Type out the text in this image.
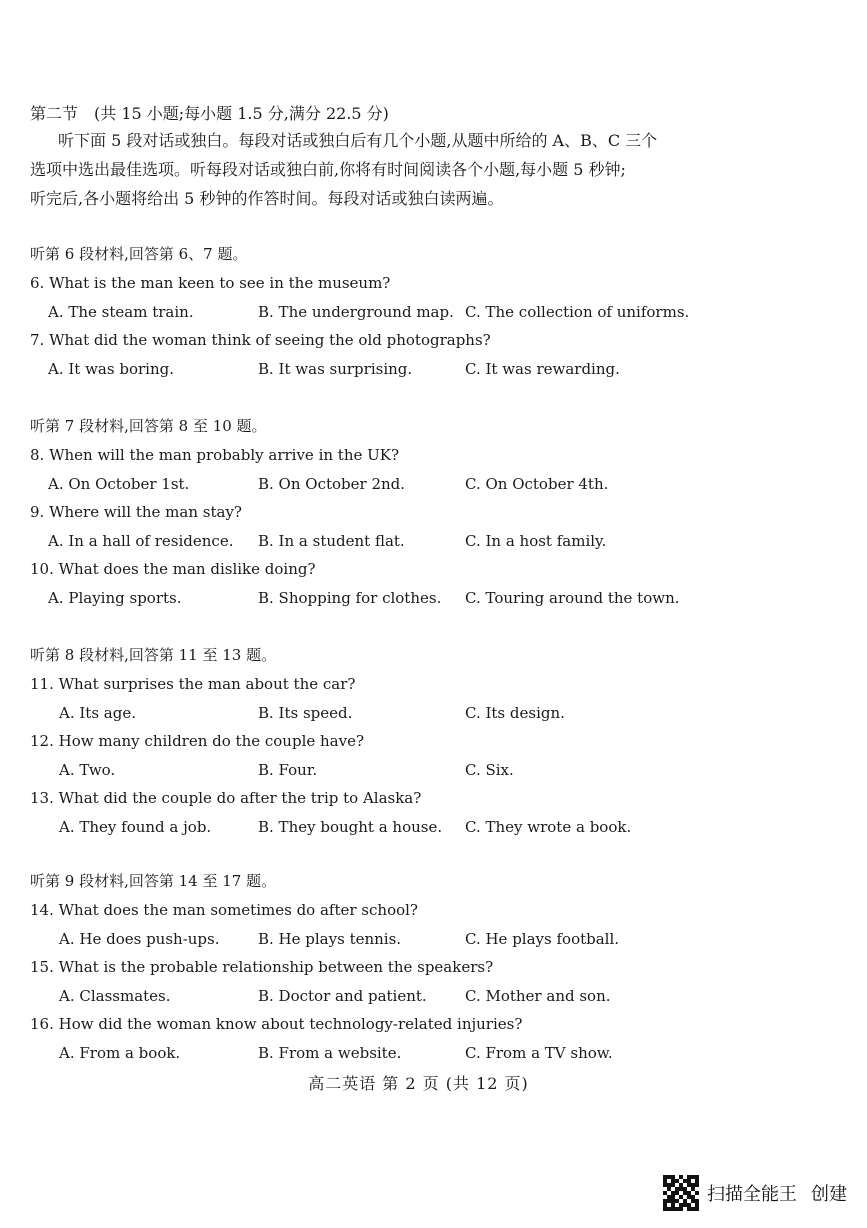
第二节　(共 15 小题;每小题 1.5 分,满分 22.5 分)

听下面 5 段对话或独白。每段对话或独白后有几个小题,从题中所给的 A、B、C 三个

选项中选出最佳选项。听每段对话或独白前,你将有时间阅读各个小题,每小题 5 秒钟;

听完后,各小题将给出 5 秒钟的作答时间。每段对话或独白读两遍。

听第 6 段材料,回答第 6、7 题。
6. What is the man keen to see in the museum?
A. The steam train.	B. The underground map. C. The collection of uniforms.
7. What did the woman think of seeing the old photographs?
A. It was boring.	B. It was surprising.	C. It was rewarding.
听第 7 段材料,回答第 8 至 10 题。
8. When will the man probably arrive in the UK?
A. On October 1st.	B. On October 2nd.	C. On October 4th.
9. Where will the man stay?
A. In a hall of residence. B. In a student flat.	C. In a host family.
10. What does the man dislike doing?
A. Playing sports.	B. Shopping for clothes. C. Touring around the town.
听第 8 段材料,回答第 11 至 13 题。
11. What surprises the man about the car?
A. Its age.	B. Its speed.	C. Its design.
12. How many children do the couple have?
A. Two.	B. Four.	C. Six.
13. What did the couple do after the trip to Alaska?
A. They found a job.	B. They bought a house. C. They wrote a book.
听第 9 段材料,回答第 14 至 17 题。
14. What does the man sometimes do after school?
A. He does push-ups.	B. He plays tennis.	C. He plays football.
15. What is the probable relationship between the speakers?
A. Classmates.	B. Doctor and patient.	C. Mother and son.
16. How did the woman know about technology-related injuries?
A. From a book.	B. From a website.	C. From a TV show.
高二英语 第 2 页 (共 12 页)
扫描全能王 创建
